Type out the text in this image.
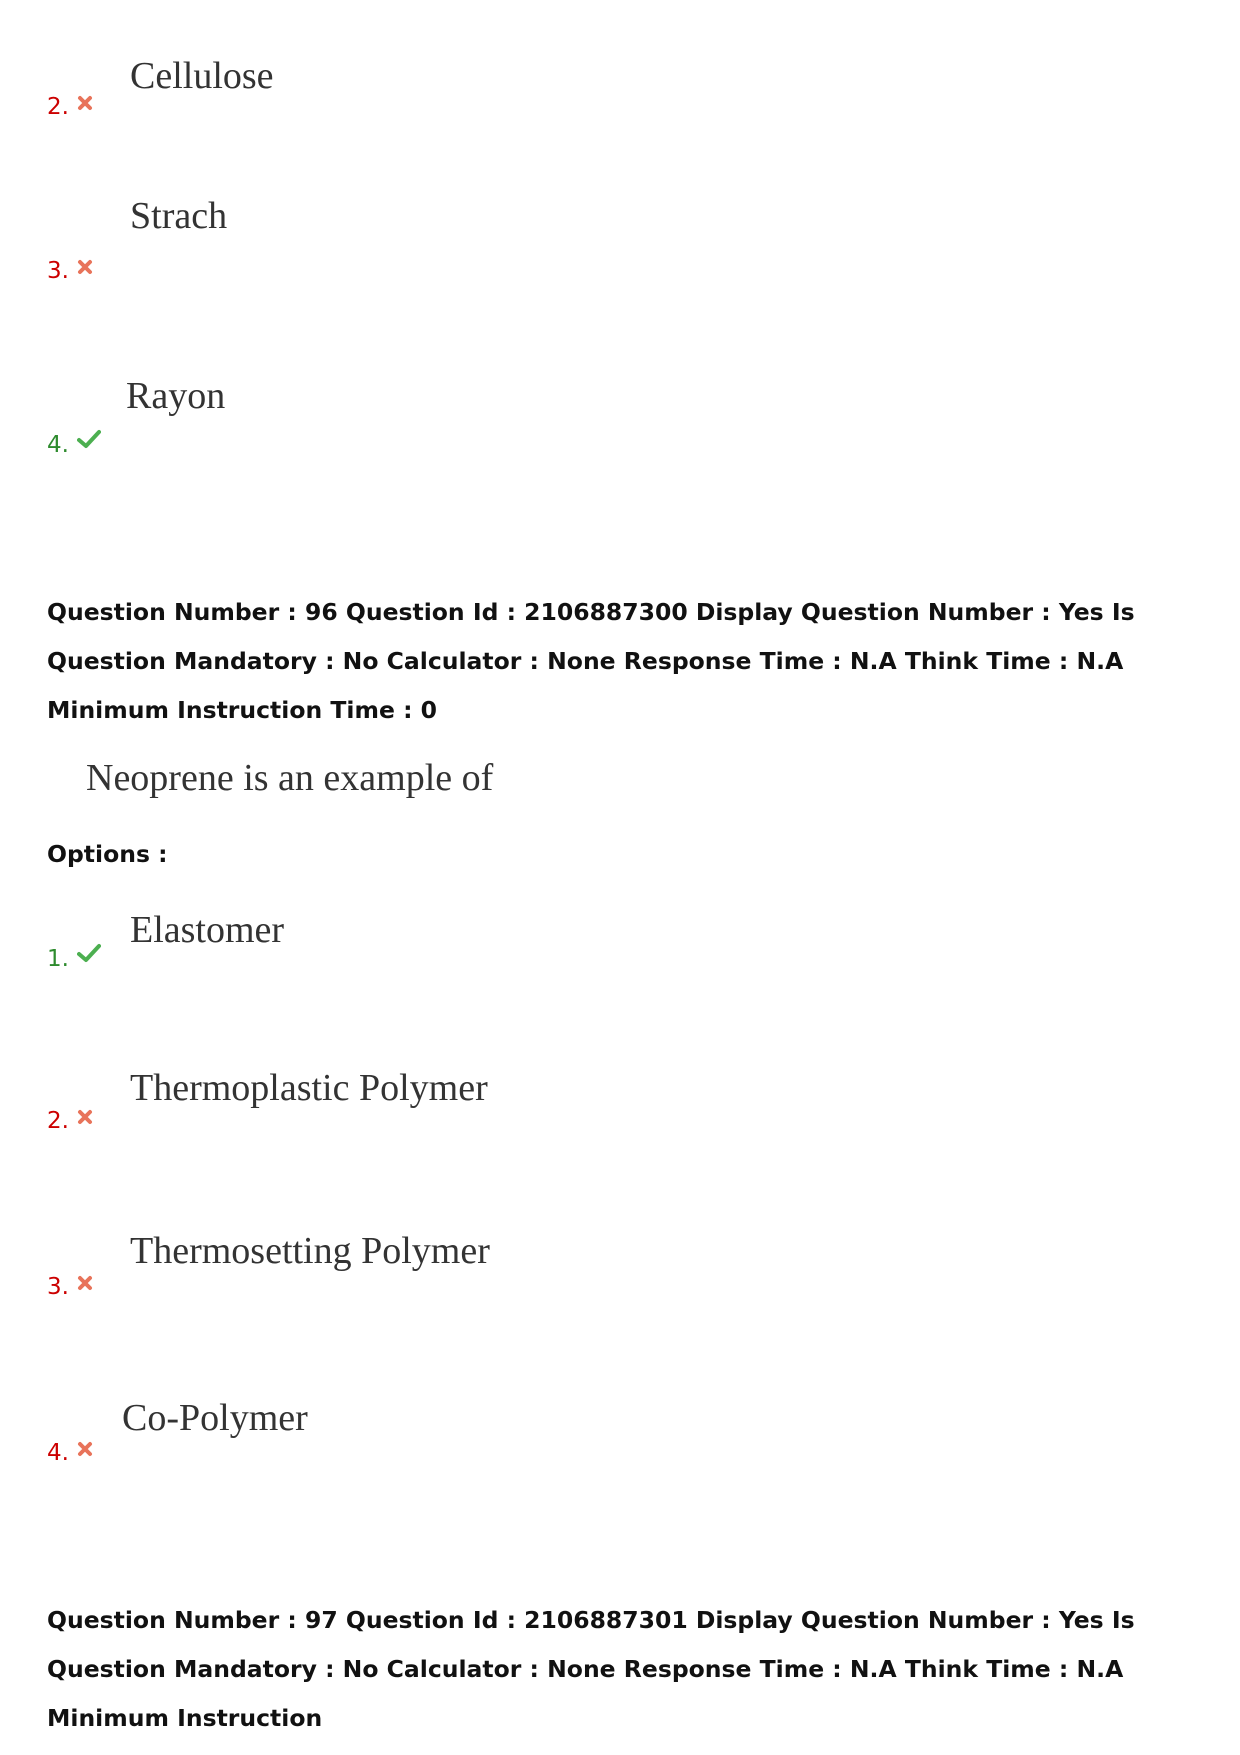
Cellulose
2.
Strach
3.
Rayon
4.
Question Number : 96 Question Id : 2106887300 Display Question Number : Yes Is Question Mandatory : No Calculator : None Response Time : N.A Think Time : N.A Minimum Instruction Time : 0
Neoprene is an example of
Options :
Elastomer
1.
Thermoplastic Polymer
2.
Thermosetting Polymer
3.
Co-Polymer
4.
Question Number : 97 Question Id : 2106887301 Display Question Number : Yes Is Question Mandatory : No Calculator : None Response Time : N.A Think Time : N.A Minimum Instruction
